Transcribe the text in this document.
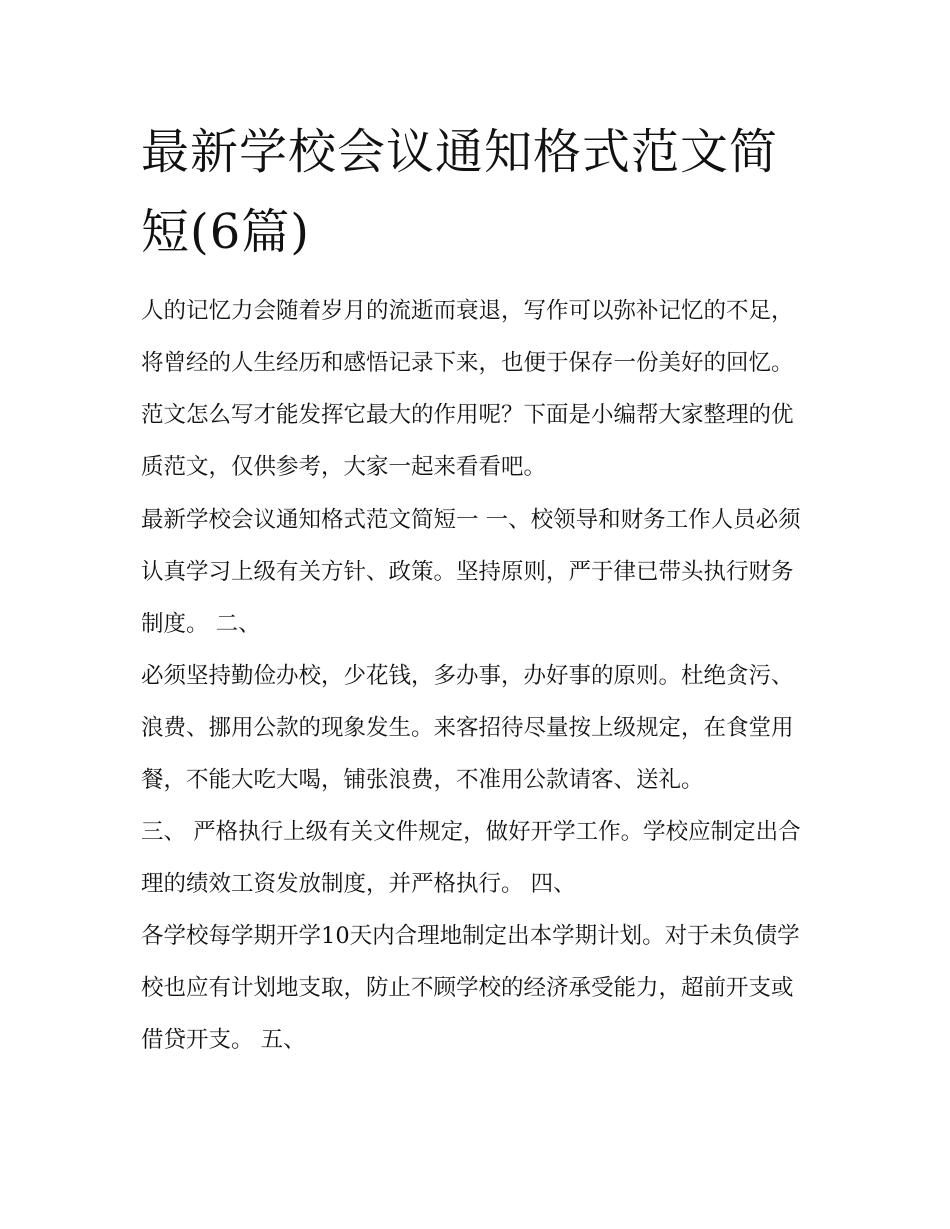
最新学校会议通知格式范文简短(6篇)

人的记忆力会随着岁月的流逝而衰退，写作可以弥补记忆的不足，将曾经的人生经历和感悟记录下来，也便于保存一份美好的回忆。范文怎么写才能发挥它最大的作用呢？下面是小编帮大家整理的优质范文，仅供参考，大家一起来看看吧。

最新学校会议通知格式范文简短一 一、校领导和财务工作人员必须认真学习上级有关方针、政策。坚持原则，严于律已带头执行财务制度。 二、

必须坚持勤俭办校，少花钱，多办事，办好事的原则。杜绝贪污、浪费、挪用公款的现象发生。来客招待尽量按上级规定，在食堂用餐，不能大吃大喝，铺张浪费，不准用公款请客、送礼。

三、 严格执行上级有关文件规定，做好开学工作。学校应制定出合理的绩效工资发放制度，并严格执行。 四、

各学校每学期开学10天内合理地制定出本学期计划。对于未负债学校也应有计划地支取，防止不顾学校的经济承受能力，超前开支或借贷开支。 五、
